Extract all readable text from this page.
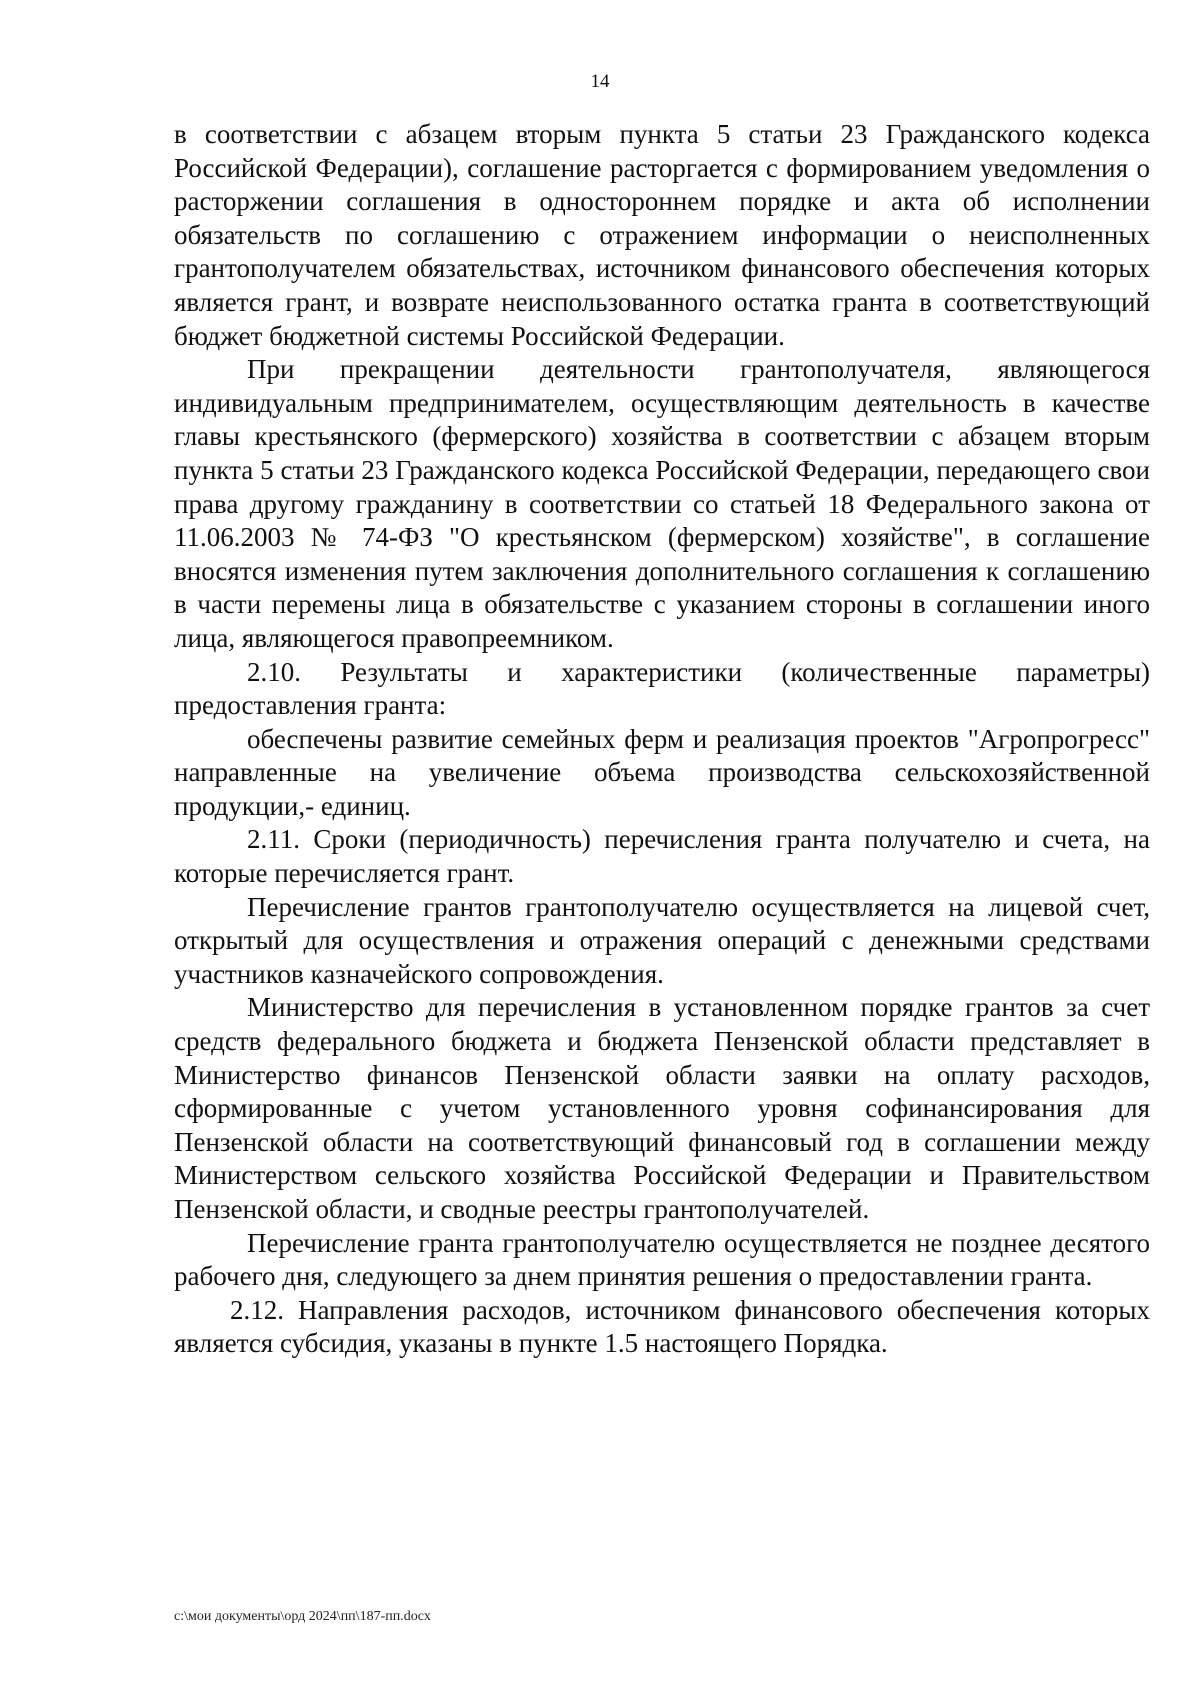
14

в соответствии с абзацем вторым пункта 5 статьи 23 Гражданского кодекса Российской Федерации), соглашение расторгается с формированием уведомления о расторжении соглашения в одностороннем порядке и акта об исполнении обязательств по соглашению с отражением информации о неисполненных грантополучателем обязательствах, источником финансового обеспечения которых является грант, и возврате неиспользованного остатка гранта в соответствующий бюджет бюджетной системы Российской Федерации.

При прекращении деятельности грантополучателя, являющегося индивидуальным предпринимателем, осуществляющим деятельность в качестве главы крестьянского (фермерского) хозяйства в соответствии с абзацем вторым пункта 5 статьи 23 Гражданского кодекса Российской Федерации, передающего свои права другому гражданину в соответствии со статьей 18 Федерального закона от 11.06.2003 № 74-ФЗ "О крестьянском (фермерском) хозяйстве", в соглашение вносятся изменения путем заключения дополнительного соглашения к соглашению в части перемены лица в обязательстве с указанием стороны в соглашении иного лица, являющегося правопреемником.

2.10. Результаты и характеристики (количественные параметры) предоставления гранта:

обеспечены развитие семейных ферм и реализация проектов "Агропрогресс" направленные на увеличение объема производства сельскохозяйственной продукции,- единиц.

2.11. Сроки (периодичность) перечисления гранта получателю и счета, на которые перечисляется грант.

Перечисление грантов грантополучателю осуществляется на лицевой счет, открытый для осуществления и отражения операций с денежными средствами участников казначейского сопровождения.

Министерство для перечисления в установленном порядке грантов за счет средств федерального бюджета и бюджета Пензенской области представляет в Министерство финансов Пензенской области заявки на оплату расходов, сформированные с учетом установленного уровня софинансирования для Пензенской области на соответствующий финансовый год в соглашении между Министерством сельского хозяйства Российской Федерации и Правительством Пензенской области, и сводные реестры грантополучателей.

Перечисление гранта грантополучателю осуществляется не позднее десятого рабочего дня, следующего за днем принятия решения о предоставлении гранта.

2.12. Направления расходов, источником финансового обеспечения которых является субсидия, указаны в пункте 1.5 настоящего Порядка.

с:\мои документы\орд 2024\пп\187-пп.docx
